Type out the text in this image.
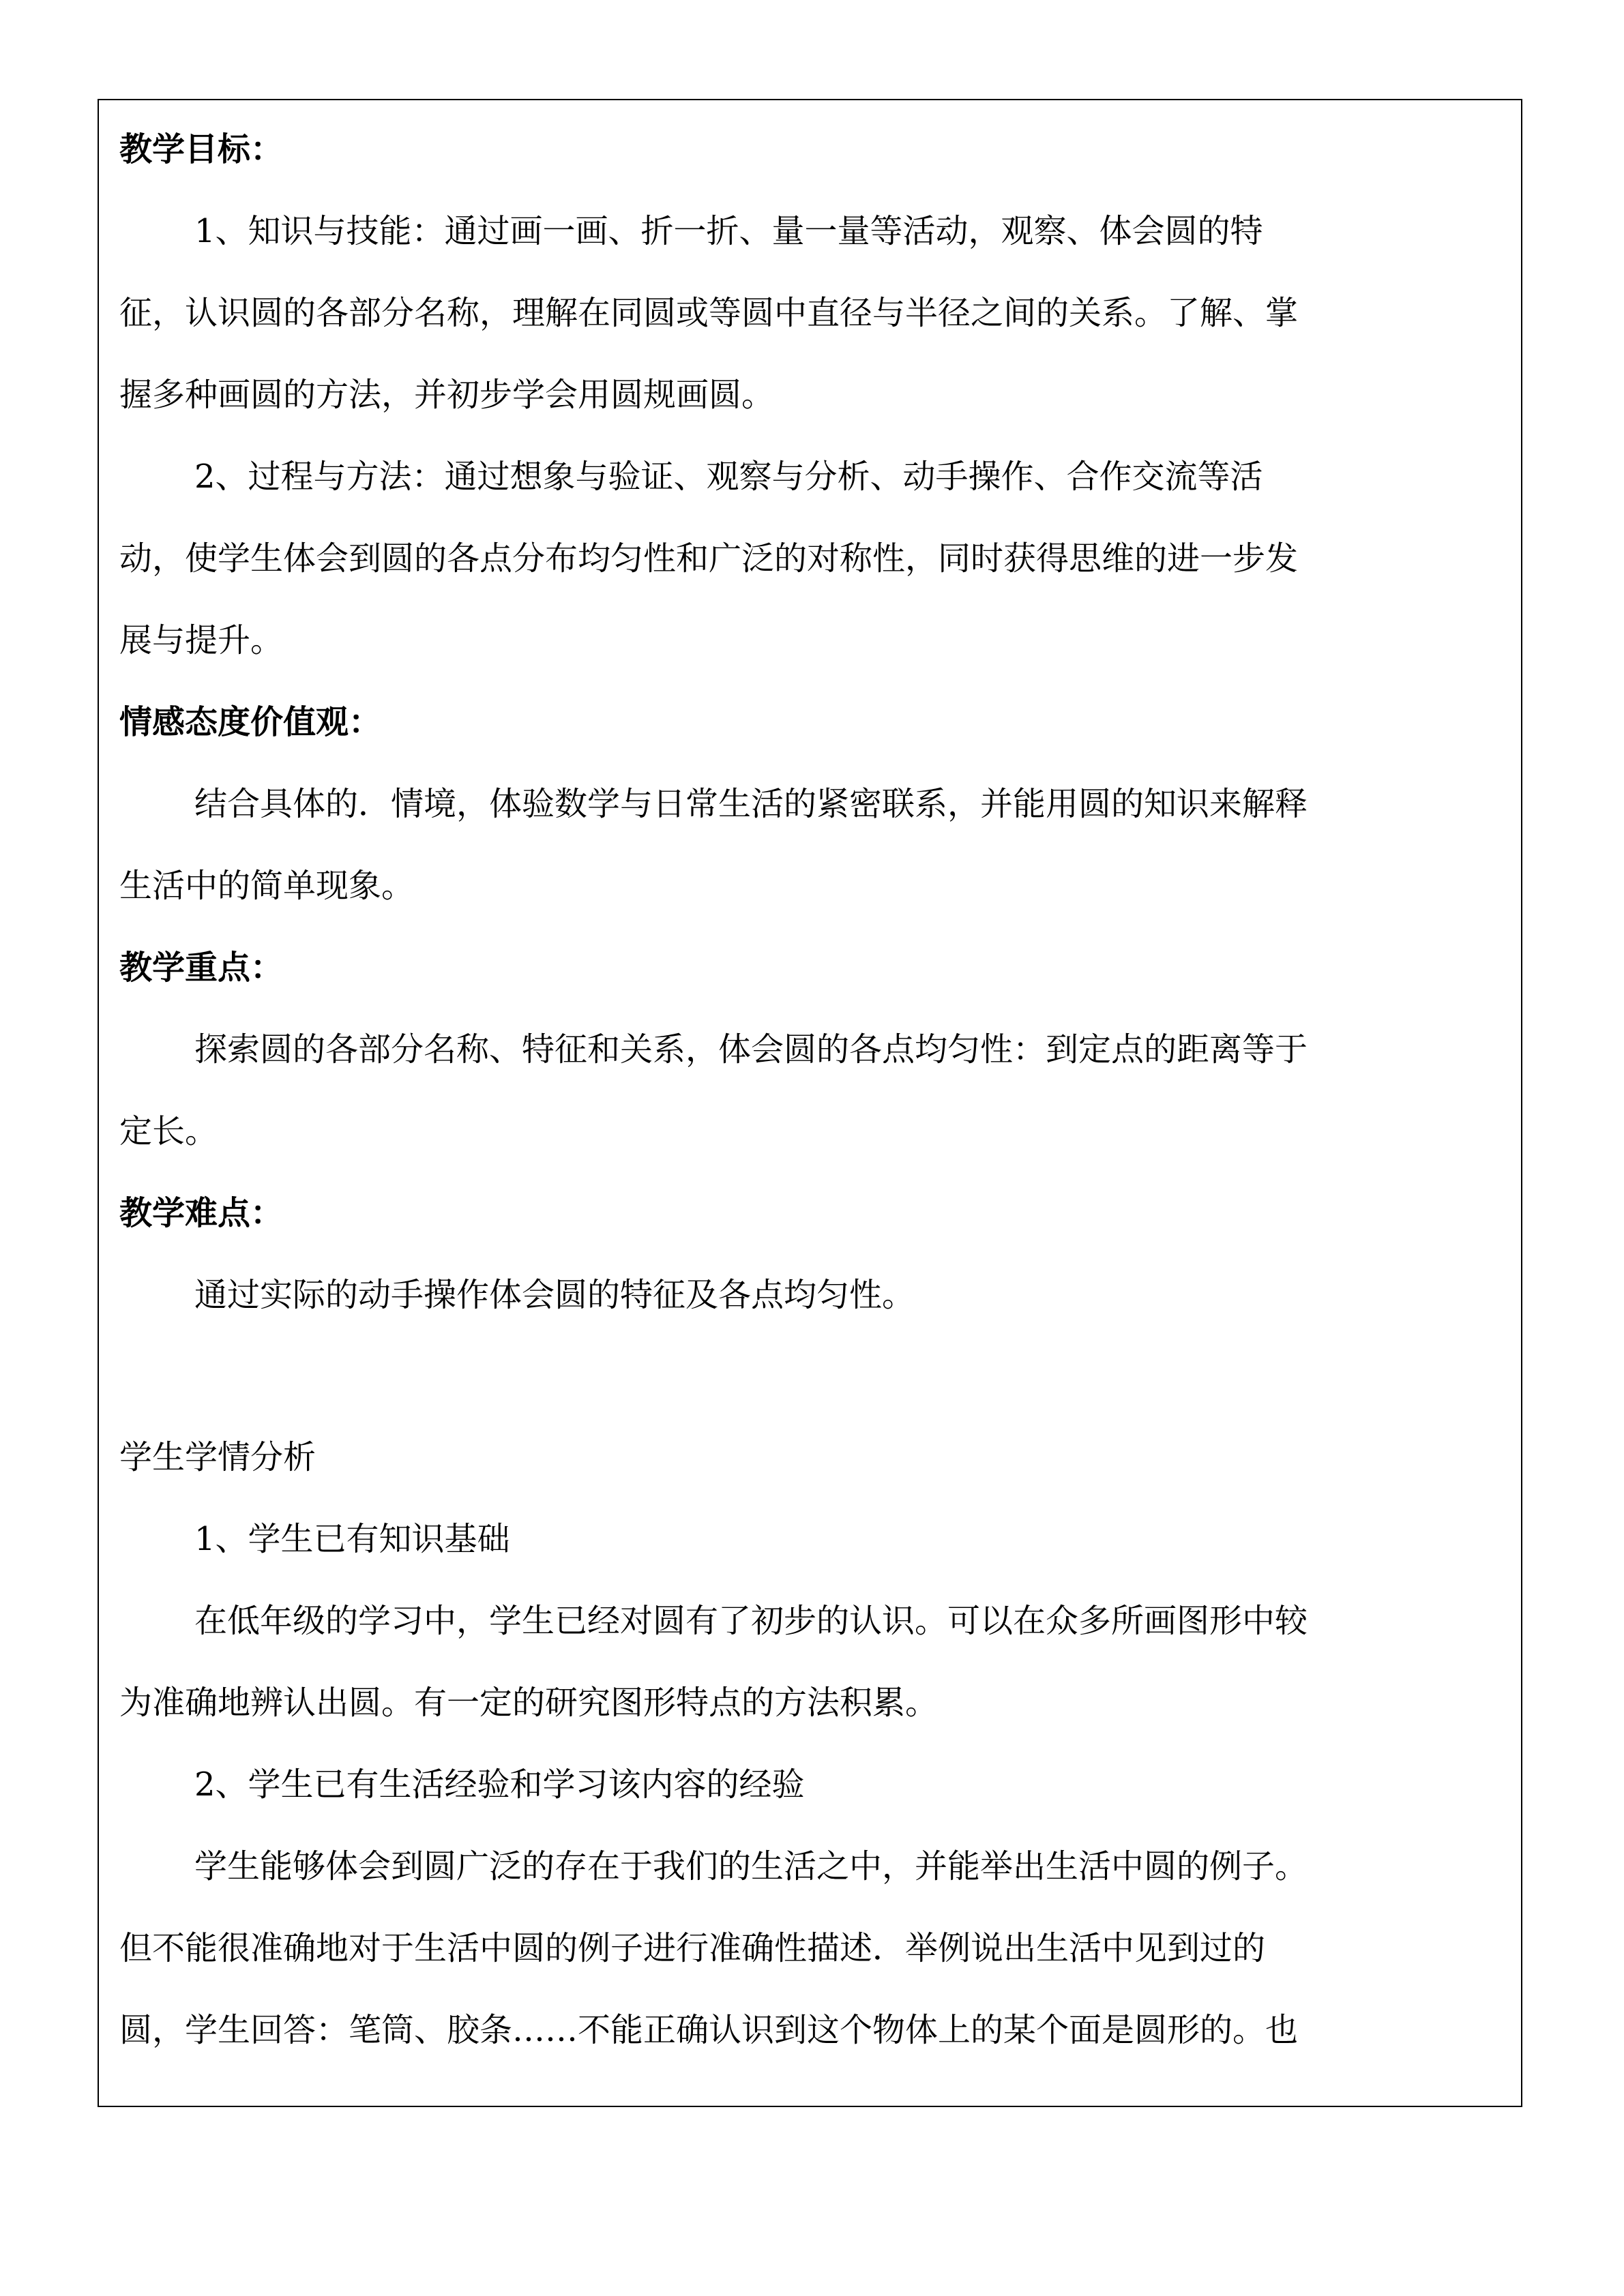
教学目标：
1、知识与技能：通过画一画、折一折、量一量等活动，观察、体会圆的特
征，认识圆的各部分名称，理解在同圆或等圆中直径与半径之间的关系。了解、掌
握多种画圆的方法，并初步学会用圆规画圆。
2、过程与方法：通过想象与验证、观察与分析、动手操作、合作交流等活
动，使学生体会到圆的各点分布均匀性和广泛的对称性，同时获得思维的进一步发
展与提升。
情感态度价值观：
结合具体的．情境，体验数学与日常生活的紧密联系，并能用圆的知识来解释
生活中的简单现象。
教学重点：
探索圆的各部分名称、特征和关系，体会圆的各点均匀性：到定点的距离等于
定长。
教学难点：
通过实际的动手操作体会圆的特征及各点均匀性。
学生学情分析
1、学生已有知识基础
在低年级的学习中，学生已经对圆有了初步的认识。可以在众多所画图形中较
为准确地辨认出圆。有一定的研究图形特点的方法积累。
2、学生已有生活经验和学习该内容的经验
学生能够体会到圆广泛的存在于我们的生活之中，并能举出生活中圆的例子。
但不能很准确地对于生活中圆的例子进行准确性描述．举例说出生活中见到过的
圆，学生回答：笔筒、胶条……不能正确认识到这个物体上的某个面是圆形的。也
